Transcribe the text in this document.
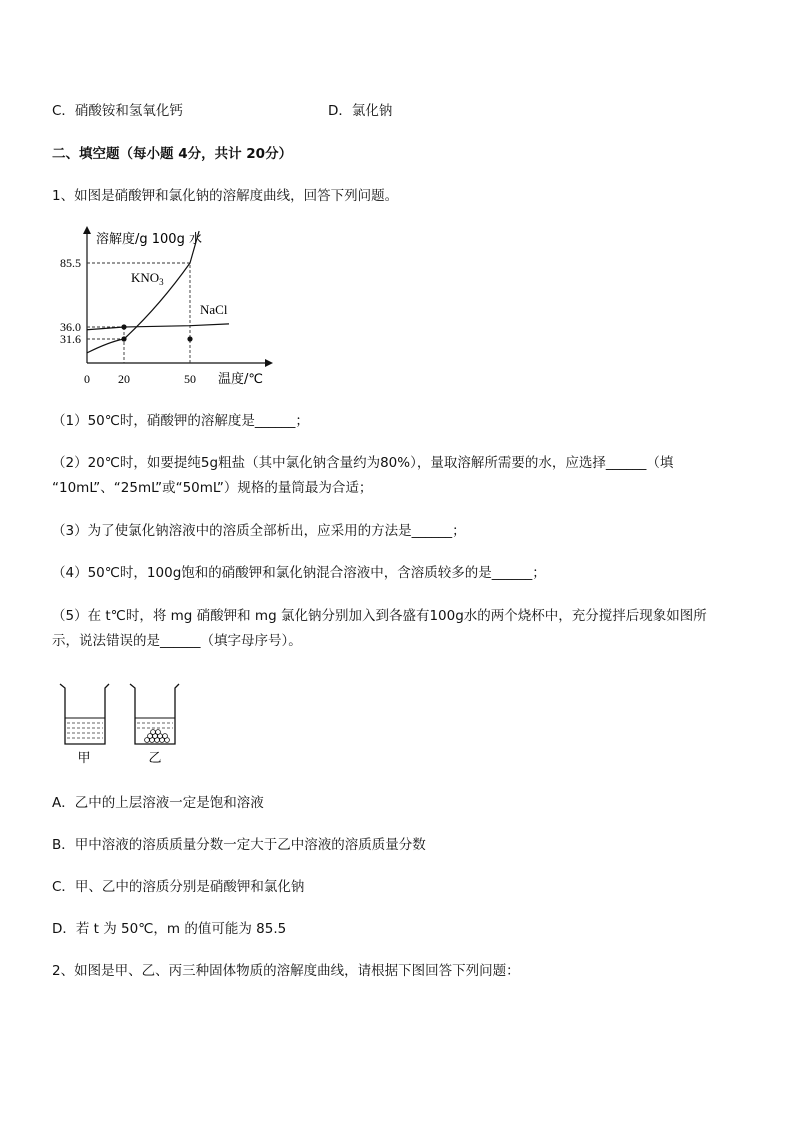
C．硝酸铵和氢氧化钙	D．氯化钠
二、填空题（每小题 4分，共计 20分）
1、如图是硝酸钾和氯化钠的溶解度曲线，回答下列问题。
溶解度/g 100g 水
温度/℃
0 20	50
31.6
36.0
85.5
$KNO_3$
NaCl
（1）50℃时，硝酸钾的溶解度是______；
（2）20℃时，如要提纯5g粗盐（其中氯化钠含量约为80%），量取溶解所需要的水，应选择______（填
“10mL”、“25mL”或“50mL”）规格的量筒最为合适；
（3）为了使氯化钠溶液中的溶质全部析出，应采用的方法是______；
（4）50℃时，100g饱和的硝酸钾和氯化钠混合溶液中，含溶质较多的是______；
（5）在 t℃时，将 mg 硝酸钾和 mg 氯化钠分别加入到各盛有100g水的两个烧杯中，充分搅拌后现象如图所
示，说法错误的是______（填字母序号）。
甲	乙
A．乙中的上层溶液一定是饱和溶液
B．甲中溶液的溶质质量分数一定大于乙中溶液的溶质质量分数
C．甲、乙中的溶质分别是硝酸钾和氯化钠
D．若 t 为 50℃，m 的值可能为 85.5
2、如图是甲、乙、丙三种固体物质的溶解度曲线，请根据下图回答下列问题：
